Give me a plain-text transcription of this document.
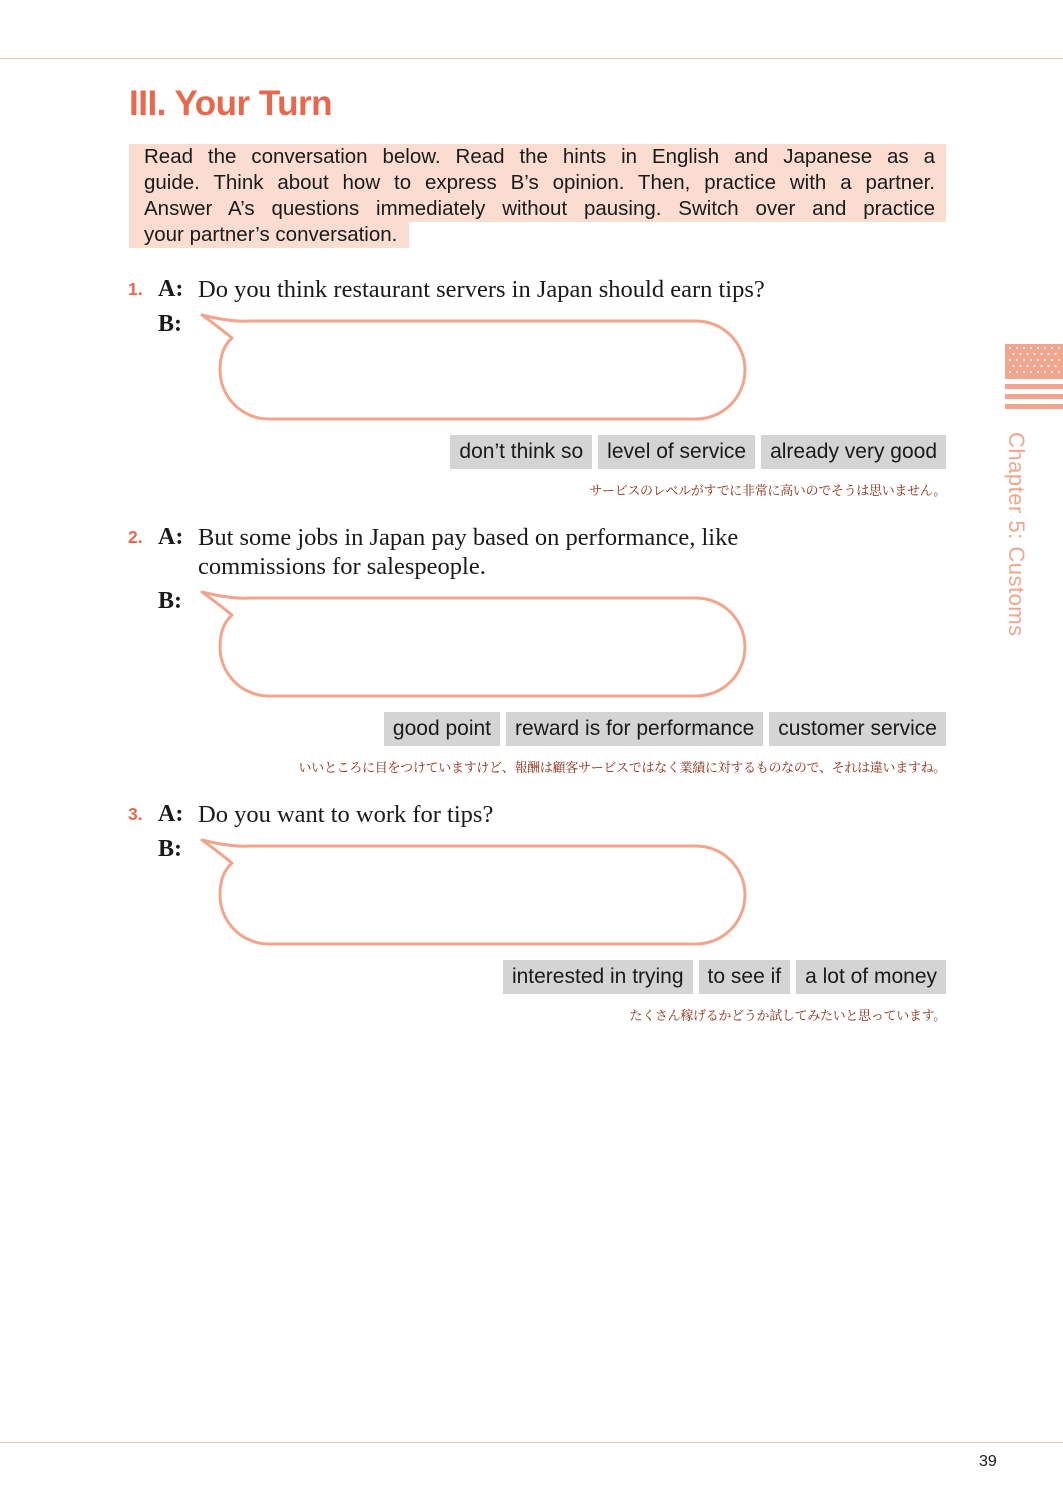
III. Your Turn
Read the conversation below. Read the hints in English and Japanese as a
guide. Think about how to express B’s opinion. Then, practice with a partner.
Answer A’s questions immediately without pausing. Switch over and practice
your partner’s conversation.
1. A: Do you think restaurant servers in Japan should earn tips?
B:
don’t think so	level of service	already very good
サービスのレベルがすでに非常に高いのでそうは思いません。
2. A: But some jobs in Japan pay based on performance, like
commissions for salespeople.
B:
good point	reward is for performance	customer service
いいところに目をつけていますけど、報酬は顧客サービスではなく業績に対するものなので、それは違いますね。
3. A: Do you want to work for tips?
B:
interested in trying	to see if	a lot of money
たくさん稼げるかどうか試してみたいと思っています。
Chapter 5: Customs
39
